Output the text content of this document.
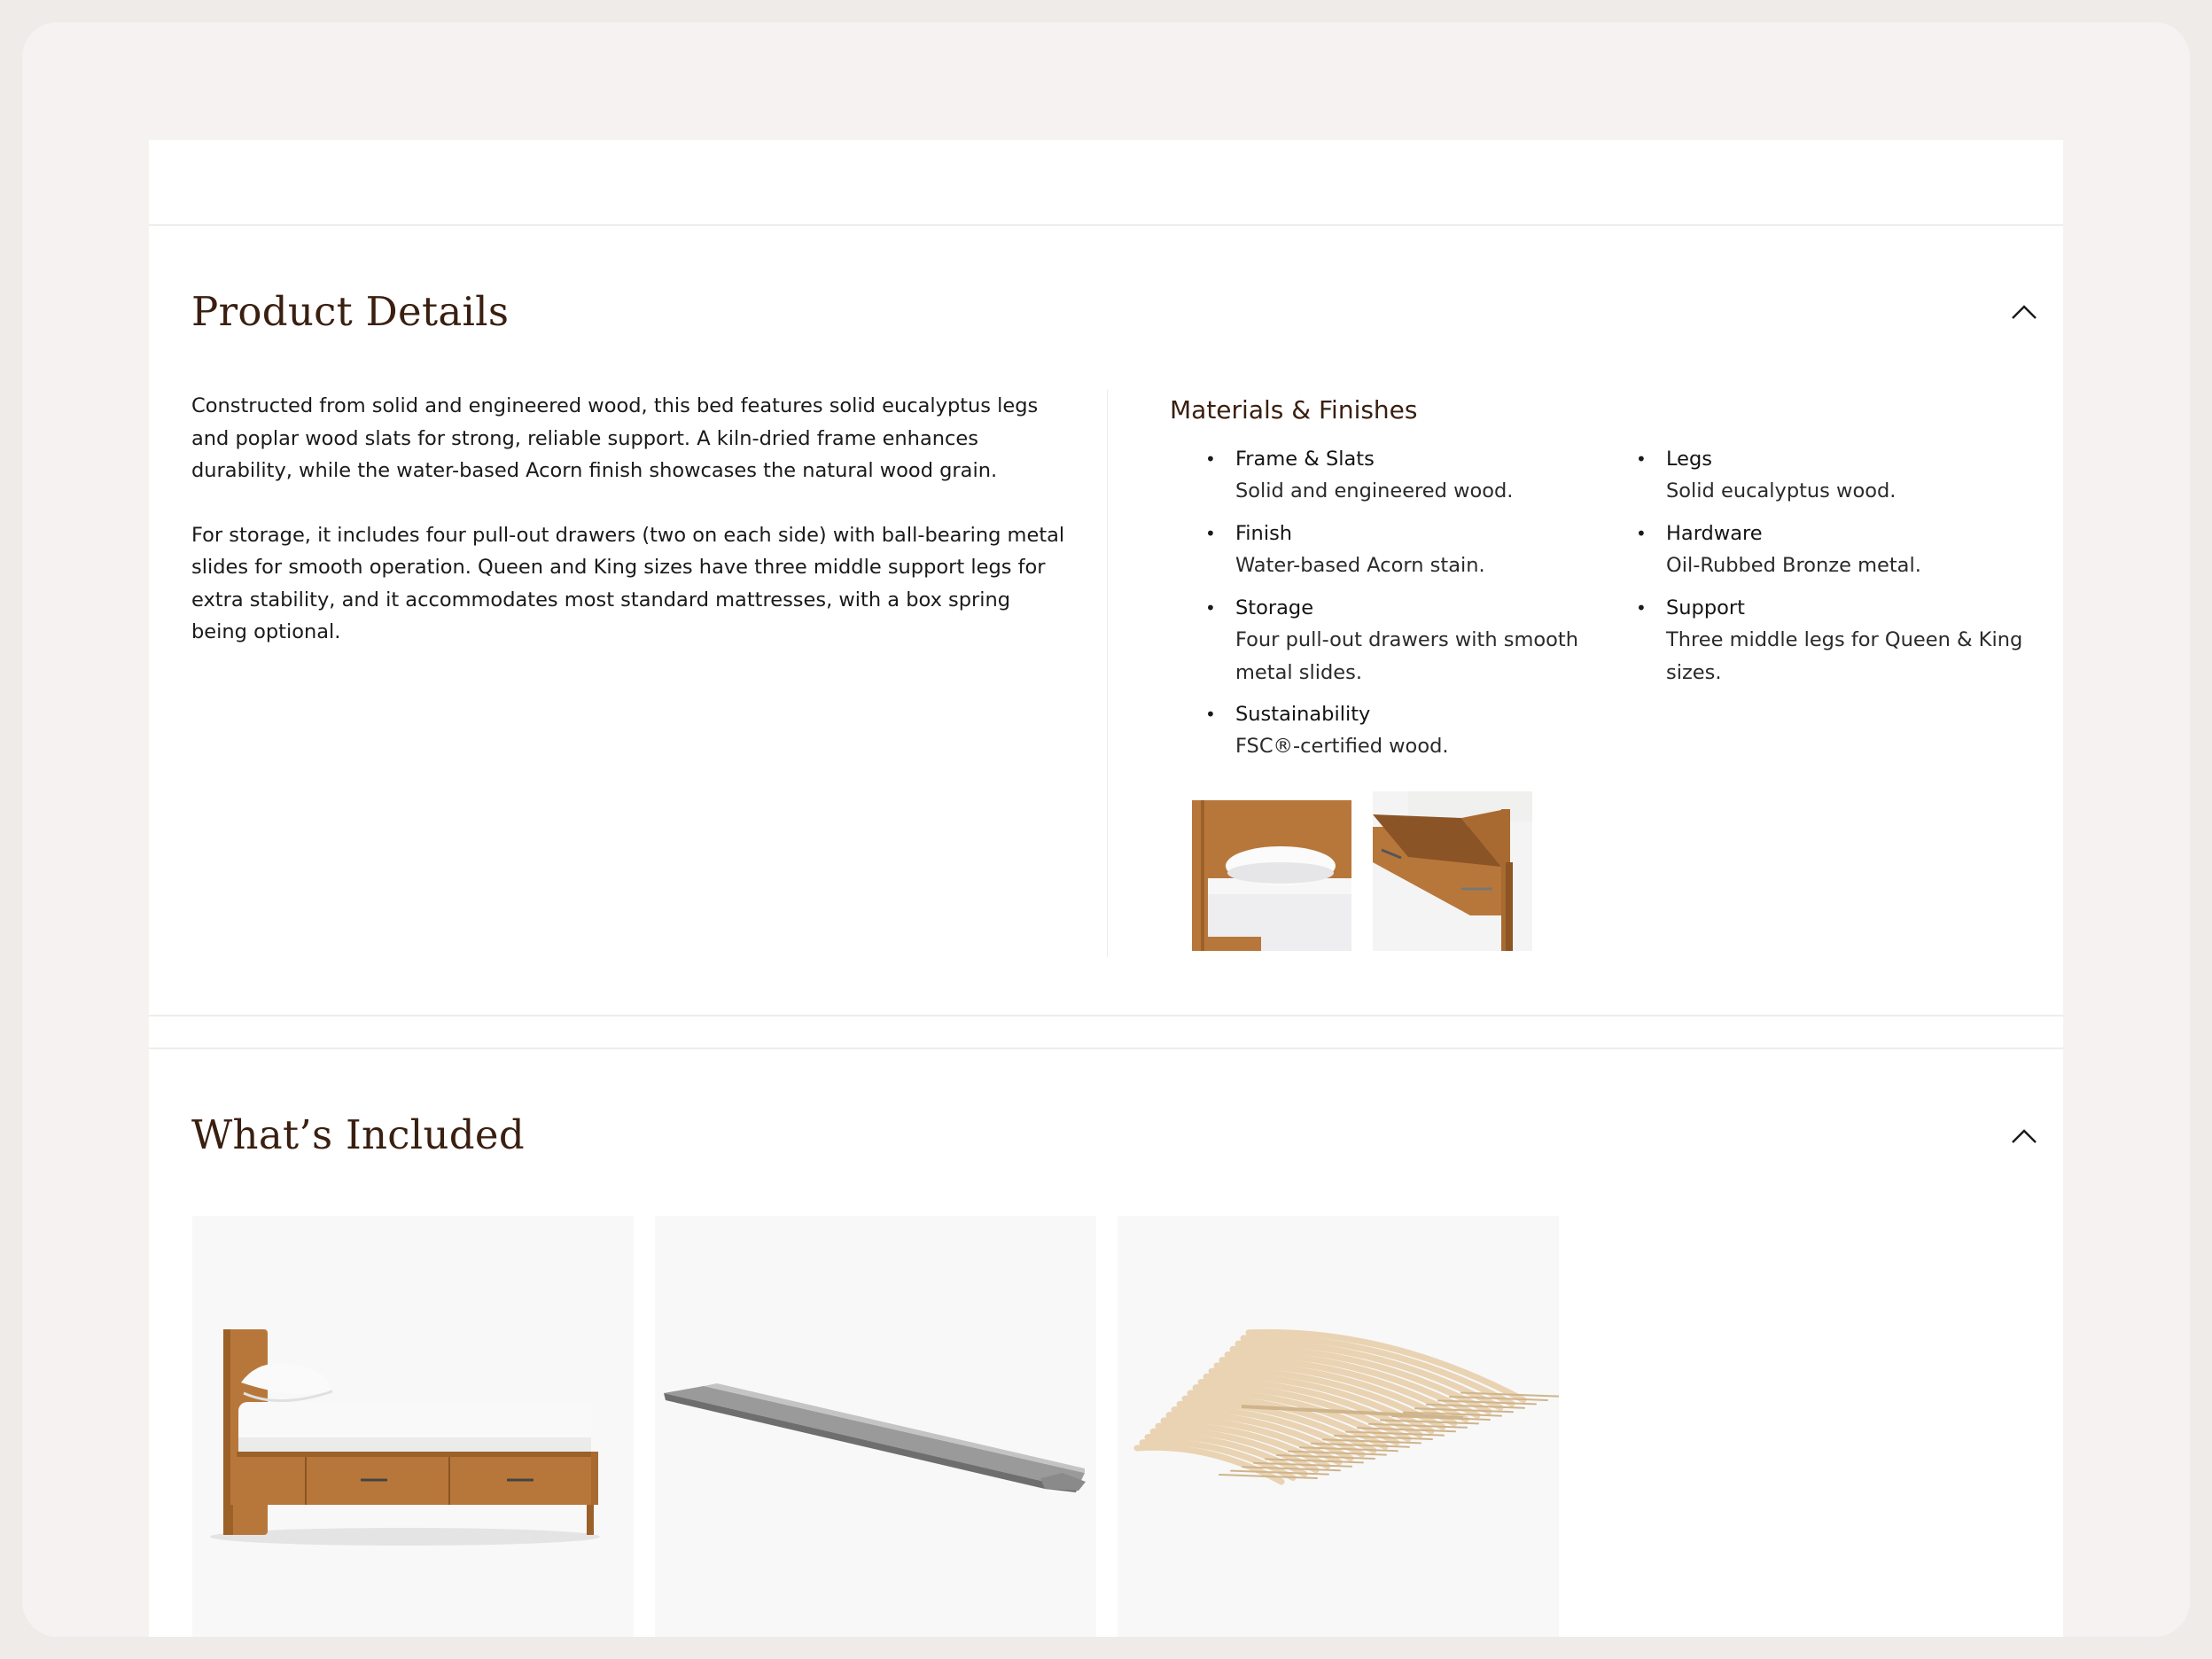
Product Details

Constructed from solid and engineered wood, this bed features solid eucalyptus legs and poplar wood slats for strong, reliable support. A kiln-dried frame enhances durability, while the water-based Acorn finish showcases the natural wood grain.

For storage, it includes four pull-out drawers (two on each side) with ball-bearing metal slides for smooth operation. Queen and King sizes have three middle support legs for extra stability, and it accommodates most standard mattresses, with a box spring being optional.

Materials & Finishes
• Frame & Slats
Solid and engineered wood.
• Legs
Solid eucalyptus wood.
• Finish
Water-based Acorn stain.
• Hardware
Oil-Rubbed Bronze metal.
• Storage
Four pull-out drawers with smooth metal slides.
• Support
Three middle legs for Queen & King sizes.
• Sustainability
FSC®-certified wood.
What’s Included
